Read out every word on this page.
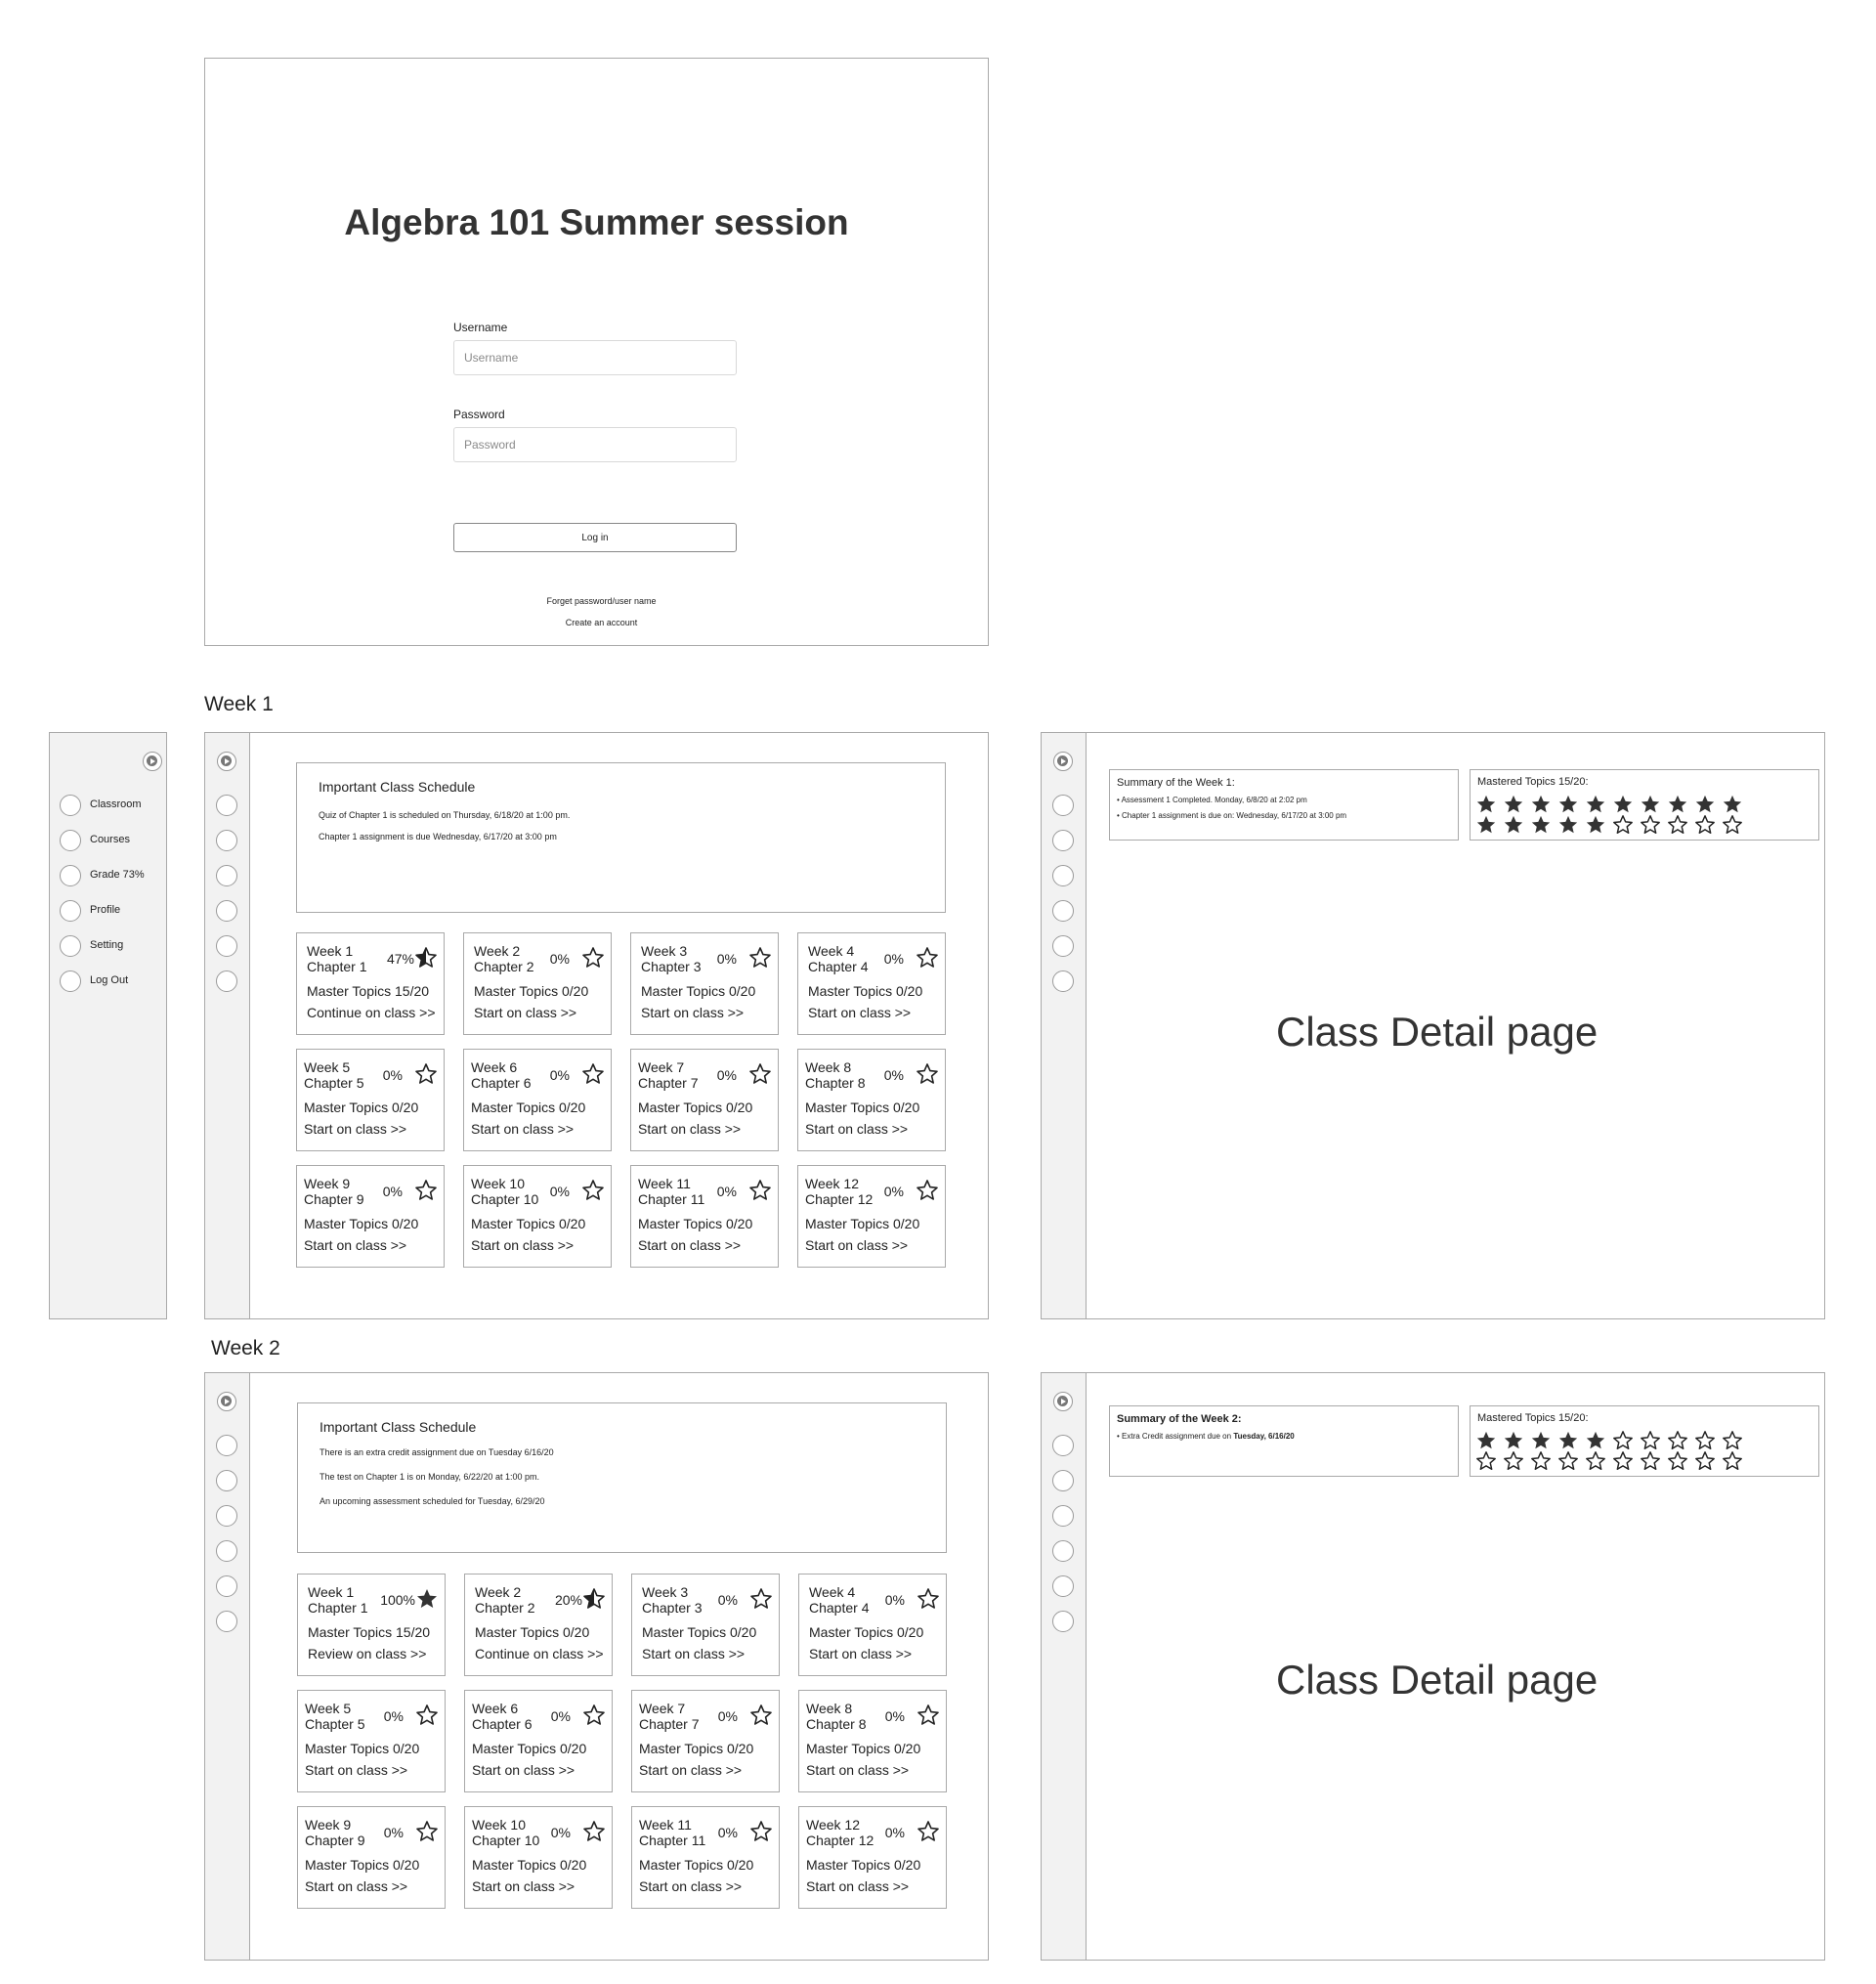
Algebra 101 Summer session
Username
Username
Password
Log in
Forget password/user name
Create an account
Week 1
Week 2
Classroom
Courses
Grade 73%
Profile
Setting
Log Out
Important Class Schedule
Quiz of Chapter 1 is scheduled on Thursday, 6/18/20 at 1:00 pm.
Chapter 1 assignment is due Wednesday, 6/17/20 at 3:00 pm
Week 1
Chapter 1 47%
Master Topics 15/20
Continue on class >>
Week 2
Chapter 2 0%
Master Topics 0/20
Start on class >>
Week 3
Chapter 3 0%
Master Topics 0/20
Start on class >>
Week 4
Chapter 4 0%
Master Topics 0/20
Start on class >>
Week 5
Chapter 5 0%
Master Topics 0/20
Start on class >>
Week 6
Chapter 6 0%
Master Topics 0/20
Start on class >>
Week 7
Chapter 7 0%
Master Topics 0/20
Start on class >>
Week 8
Chapter 8 0%
Master Topics 0/20
Start on class >>
Week 9
Chapter 9 0%
Master Topics 0/20
Start on class >>
Week 10
Chapter 10 0%
Master Topics 0/20
Start on class >>
Week 11
Chapter 11 0%
Master Topics 0/20
Start on class >>
Week 12
Chapter 12 0%
Master Topics 0/20
Start on class >>
Summary of the Week 1:
• Assessment 1 Completed. Monday, 6/8/20 at 2:02 pm
• Chapter 1 assignment is due on: Wednesday, 6/17/20 at 3:00 pm
Mastered Topics 15/20:
Class Detail page
Important Class Schedule
There is an extra credit assignment due on Tuesday 6/16/20
The test on Chapter 1 is on Monday, 6/22/20 at 1:00 pm.
An upcoming assessment scheduled for Tuesday, 6/29/20
Week 1
Chapter 1 100%
Master Topics 15/20
Review on class >>
Week 2
Chapter 2 20%
Master Topics 0/20
Continue on class >>
Week 3
Chapter 3 0%
Master Topics 0/20
Start on class >>
Week 4
Chapter 4 0%
Master Topics 0/20
Start on class >>
Week 5
Chapter 5 0%
Master Topics 0/20
Start on class >>
Week 6
Chapter 6 0%
Master Topics 0/20
Start on class >>
Week 7
Chapter 7 0%
Master Topics 0/20
Start on class >>
Week 8
Chapter 8 0%
Master Topics 0/20
Start on class >>
Week 9
Chapter 9 0%
Master Topics 0/20
Start on class >>
Week 10
Chapter 10 0%
Master Topics 0/20
Start on class >>
Week 11
Chapter 11 0%
Master Topics 0/20
Start on class >>
Week 12
Chapter 12 0%
Master Topics 0/20
Start on class >>
Summary of the Week 2:
• Extra Credit assignment due on Tuesday, 6/16/20
Mastered Topics 15/20:
Class Detail page
